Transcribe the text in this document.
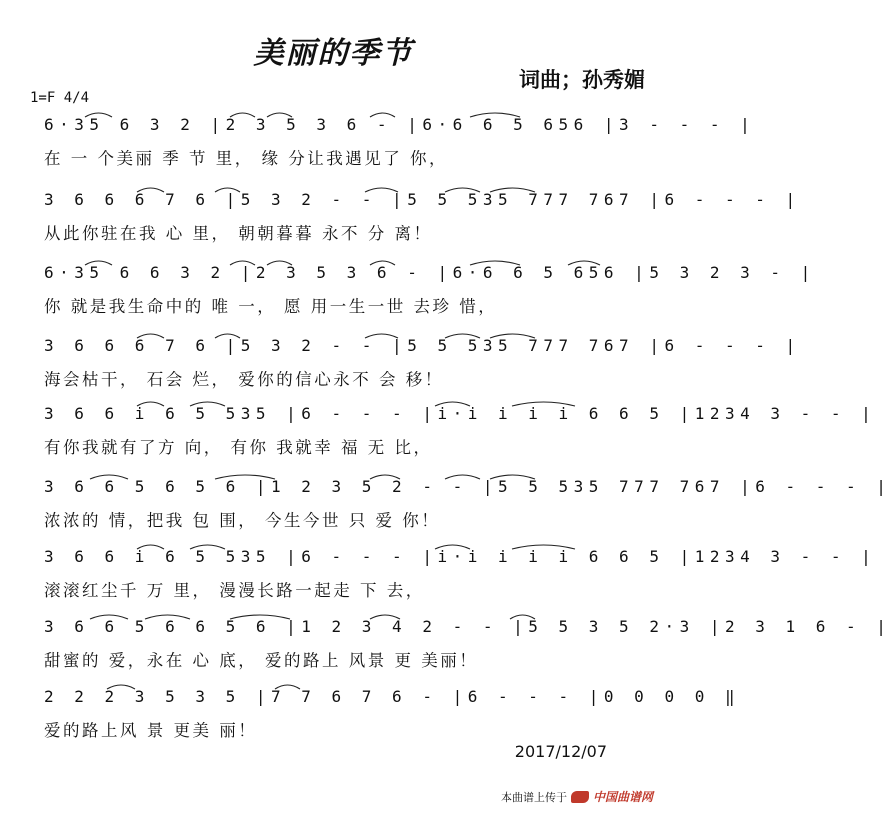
美丽的季节
词曲；孙秀媚
1=F 4/4
6·35 6 3 2 |2 3 5 3 6 - |6·6 6 5 656 |3 - - - |
在 一 个美丽 季 节 里， 缘 分让我遇见了 你，
3 6 6 6 7 6 |5 3 2 - - |5 5 535 777 767 |6 - - - |
从此你驻在我 心 里， 朝朝暮暮 永不 分 离！
6·35 6 6 3 2 |2 3 5 3 6 - |6·6 6 5 656 |5 3 2 3 - |
你 就是我生命中的 唯 一， 愿 用一生一世 去珍 惜，
3 6 6 6 7 6 |5 3 2 - - |5 5 535 777 767 |6 - - - |
海会枯干， 石会 烂， 爱你的信心永不 会 移！
3 6 6 i 6 5 535 |6 - - - |i·i i i i 6 6 5 |1234 3 - - |
有你我就有了方 向， 有你 我就幸 福 无 比，
3 6 6 5 6 5 6 |1 2 3 5 2 - - |5 5 535 777 767 |6 - - - |
浓浓的 情，把我 包 围， 今生今世 只 爱 你！
3 6 6 i 6 5 535 |6 - - - |i·i i i i 6 6 5 |1234 3 - - |
滚滚红尘千 万 里， 漫漫长路一起走 下 去，
3 6 6 5 6 6 5 6 |1 2 3 4 2 - - |5 5 3 5 2·3 |2 3 1 6 - |
甜蜜的 爱，永在 心 底， 爱的路上 风景 更 美丽！
2 2 2 3 5 3 5 |7 7 6 7 6 - |6 - - - |0 0 0 0 ‖
爱的路上风 景 更美 丽！
2017/12/07
本曲谱上传于 中国曲谱网
